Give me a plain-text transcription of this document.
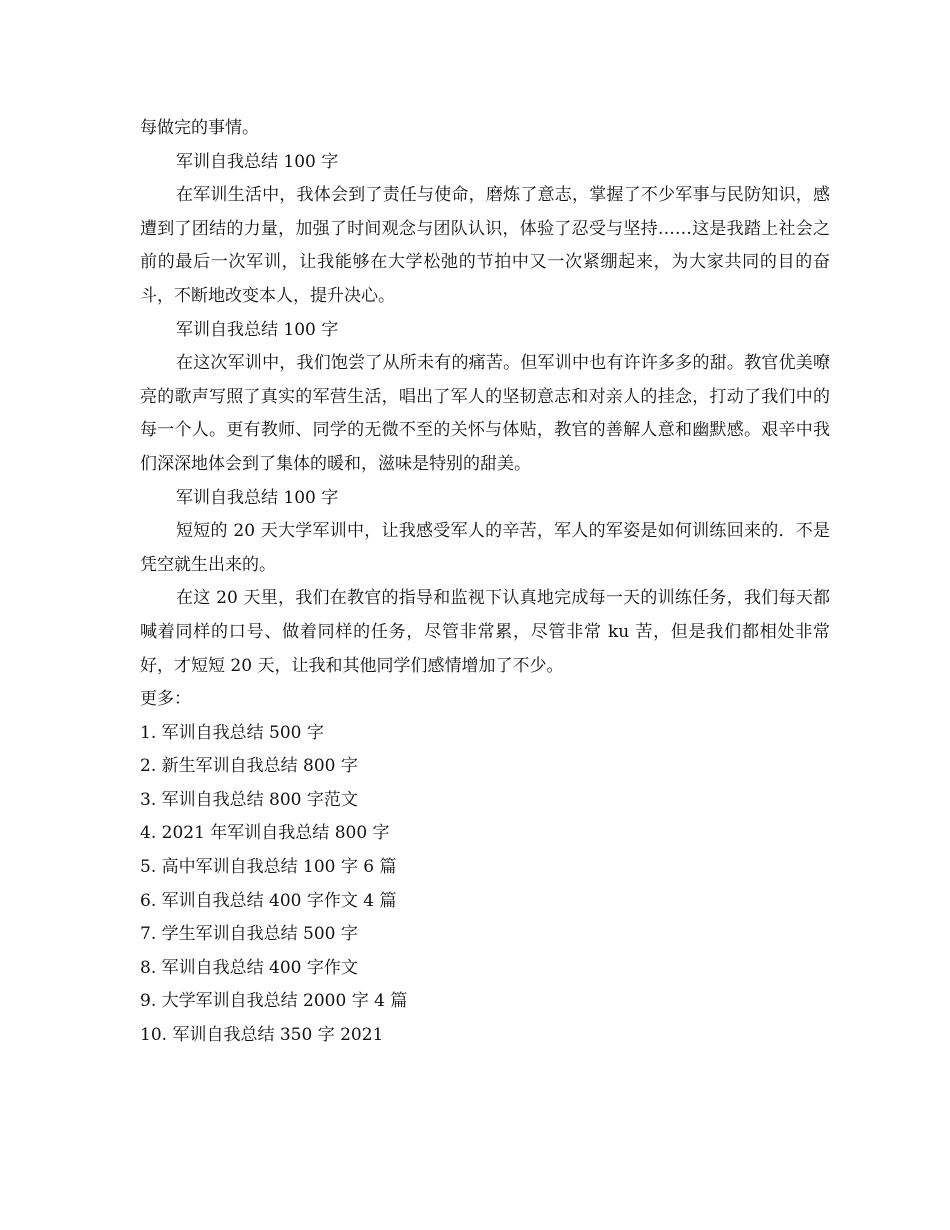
每做完的事情。
军训自我总结 100 字
在军训生活中，我体会到了责任与使命，磨炼了意志，掌握了不少军事与民防知识，感遭到了团结的力量，加强了时间观念与团队认识，体验了忍受与坚持……这是我踏上社会之前的最后一次军训，让我能够在大学松弛的节拍中又一次紧绷起来，为大家共同的目的奋斗，不断地改变本人，提升决心。
军训自我总结 100 字
在这次军训中，我们饱尝了从所未有的痛苦。但军训中也有许许多多的甜。教官优美嘹亮的歌声写照了真实的军营生活，唱出了军人的坚韧意志和对亲人的挂念，打动了我们中的每一个人。更有教师、同学的无微不至的关怀与体贴，教官的善解人意和幽默感。艰辛中我们深深地体会到了集体的暖和，滋味是特别的甜美。
军训自我总结 100 字
短短的 20 天大学军训中，让我感受军人的辛苦，军人的军姿是如何训练回来的．不是凭空就生出来的。
在这 20 天里，我们在教官的指导和监视下认真地完成每一天的训练任务，我们每天都喊着同样的口号、做着同样的任务，尽管非常累，尽管非常 ku 苦，但是我们都相处非常好，才短短 20 天，让我和其他同学们感情增加了不少。
更多：
1. 军训自我总结 500 字
2. 新生军训自我总结 800 字
3. 军训自我总结 800 字范文
4. 2021 年军训自我总结 800 字
5. 高中军训自我总结 100 字 6 篇
6. 军训自我总结 400 字作文 4 篇
7. 学生军训自我总结 500 字
8. 军训自我总结 400 字作文
9. 大学军训自我总结 2000 字 4 篇
10. 军训自我总结 350 字 2021
